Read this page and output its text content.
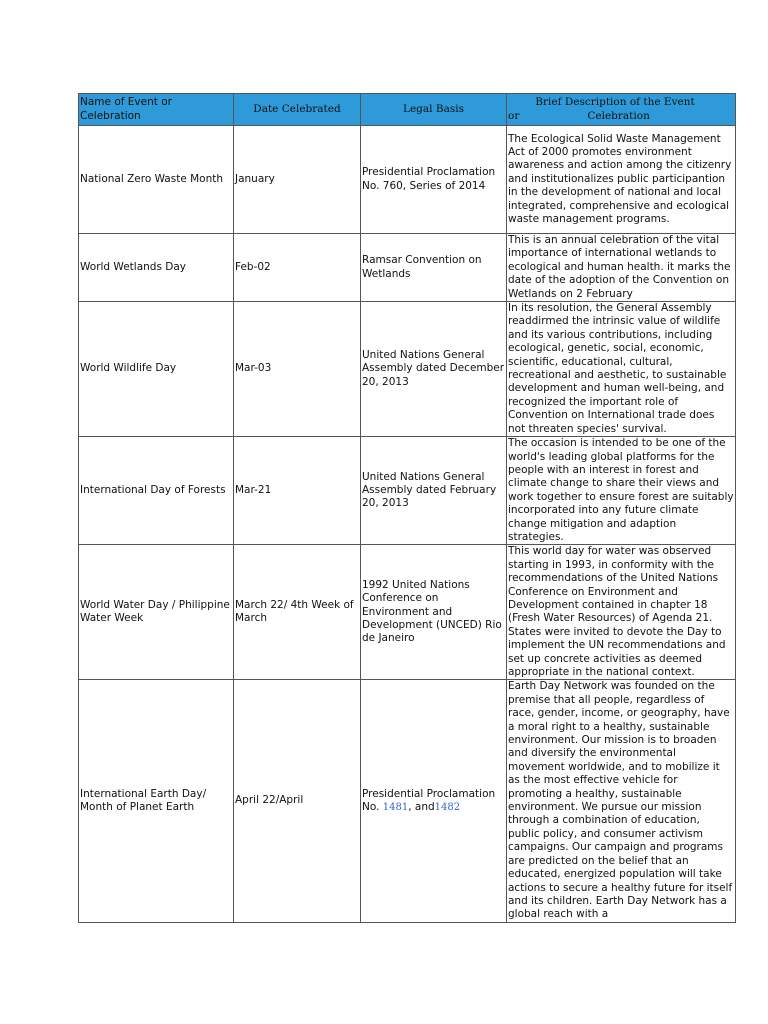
Name of Event or Celebration	Date Celebrated	Legal Basis	Brief Description of the Event
or Celebration

National Zero Waste Month	January	Presidential Proclamation No. 760, Series of 2014	The Ecological Solid Waste Management Act of 2000 promotes environment awareness and action among the citizenry and institutionalizes public participantion in the development of national and local integrated, comprehensive and ecological waste management programs.
World Wetlands Day	Feb-02	Ramsar Convention on Wetlands	This is an annual celebration of the vital importance of international wetlands to ecological and human health. it marks the date of the adoption of the Convention on Wetlands on 2 February
World Wildlife Day	Mar-03	United Nations General Assembly dated December 20, 2013	In its resolution, the General Assembly readdirmed the intrinsic value of wildlife and its various contributions, including ecological, genetic, social, economic, scientific, educational, cultural, recreational and aesthetic, to sustainable development and human well-being, and recognized the important role of Convention on International trade does not threaten species' survival.
International Day of Forests	Mar-21	United Nations General Assembly dated February 20, 2013	The occasion is intended to be one of the world's leading global platforms for the people with an interest in forest and climate change to share their views and work together to ensure forest are suitably incorporated into any future climate change mitigation and adaption strategies.
World Water Day / Philippine Water Week	March 22/ 4th Week of March	1992 United Nations Conference on Environment and Development (UNCED) Rio de Janeiro	This world day for water was observed starting in 1993, in conformity with the recommendations of the United Nations Conference on Environment and Development contained in chapter 18 (Fresh Water Resources) of Agenda 21. States were invited to devote the Day to implement the UN recommendations and set up concrete activities as deemed appropriate in the national context.
International Earth Day/ Month of Planet Earth	April 22/April	Presidential Proclamation No. 1481, and1482	Earth Day Network was founded on the premise that all people, regardless of race, gender, income, or geography, have a moral right to a healthy, sustainable environment. Our mission is to broaden and diversify the environmental movement worldwide, and to mobilize it as the most effective vehicle for promoting a healthy, sustainable environment. We pursue our mission through a combination of education, public policy, and consumer activism campaigns. Our campaign and programs are predicted on the belief that an educated, energized population will take actions to secure a healthy future for itself and its children. Earth Day Network has a global reach with a
